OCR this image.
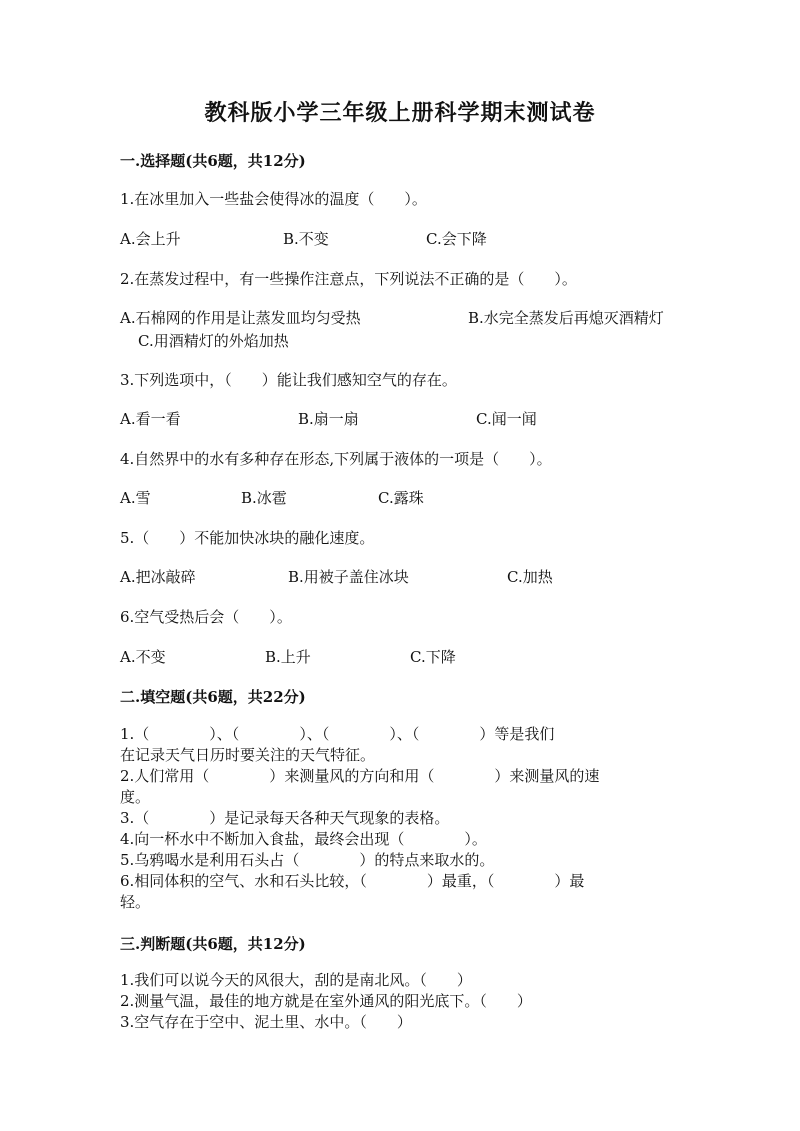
教科版小学三年级上册科学期末测试卷
一.选择题(共6题，共12分)
1.在冰里加入一些盐会使得冰的温度（　　）。
A.会上升	B.不变	C.会下降
2.在蒸发过程中，有一些操作注意点，下列说法不正确的是（　　）。
A.石棉网的作用是让蒸发皿均匀受热	B.水完全蒸发后再熄灭酒精灯
C.用酒精灯的外焰加热
3.下列选项中，（　　）能让我们感知空气的存在。
A.看一看	B.扇一扇	C.闻一闻
4.自然界中的水有多种存在形态,下列属于液体的一项是（　　）。
A.雪	B.冰雹	C.露珠
5.（　　）不能加快冰块的融化速度。
A.把冰敲碎	B.用被子盖住冰块	C.加热
6.空气受热后会（　　）。
A.不变	B.上升	C.下降
二.填空题(共6题，共22分)
1.（　　　　）、（　　　　）、（　　　　）、（　　　　）等是我们
在记录天气日历时要关注的天气特征。
2.人们常用（　　　　）来测量风的方向和用（　　　　）来测量风的速
度。
3.（　　　　）是记录每天各种天气现象的表格。
4.向一杯水中不断加入食盐，最终会出现（　　　　）。
5.乌鸦喝水是利用石头占（　　　　）的特点来取水的。
6.相同体积的空气、水和石头比较，（　　　　）最重，（　　　　）最
轻。
三.判断题(共6题，共12分)
1.我们可以说今天的风很大，刮的是南北风。（　　）
2.测量气温，最佳的地方就是在室外通风的阳光底下。（　　）
3.空气存在于空中、泥土里、水中。（　　）
